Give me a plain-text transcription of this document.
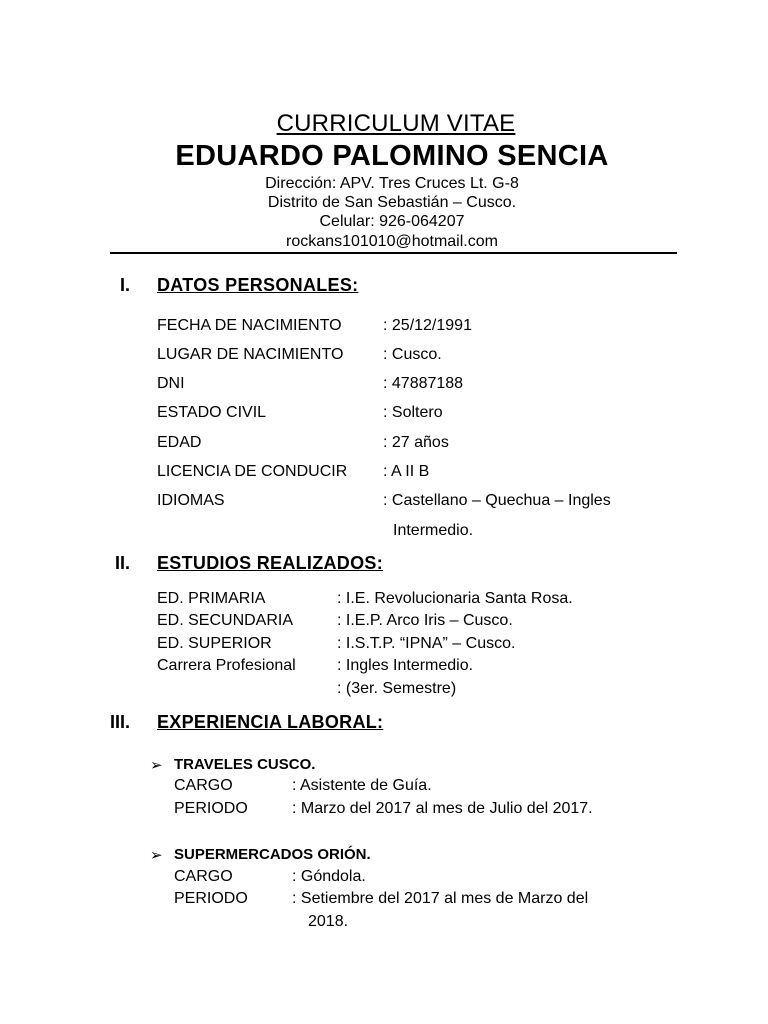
CURRICULUM VITAE
EDUARDO PALOMINO SENCIA
Dirección: APV. Tres Cruces Lt. G-8
Distrito de San Sebastián – Cusco.
Celular: 926-064207
rockans101010@hotmail.com
I. DATOS PERSONALES:
FECHA DE NACIMIENTO	: 25/12/1991
LUGAR DE NACIMIENTO : Cusco.
DNI	: 47887188
ESTADO CIVIL	: Soltero
EDAD	: 27 años
LICENCIA DE CONDUCIR : A II B
IDIOMAS	: Castellano – Quechua – Ingles
Intermedio.
II. ESTUDIOS REALIZADOS:
ED. PRIMARIA	: I.E. Revolucionaria Santa Rosa.
ED. SECUNDARIA	: I.E.P. Arco Iris – Cusco.
ED. SUPERIOR	: I.S.T.P. “IPNA” – Cusco.
Carrera Profesional	: Ingles Intermedio.
: (3er. Semestre)
III. EXPERIENCIA LABORAL:
➢ TRAVELES CUSCO.
CARGO	: Asistente de Guía.
PERIODO	: Marzo del 2017 al mes de Julio del 2017.
➢ SUPERMERCADOS ORIÓN.
CARGO	: Góndola.
PERIODO	: Setiembre del 2017 al mes de Marzo del
2018.
